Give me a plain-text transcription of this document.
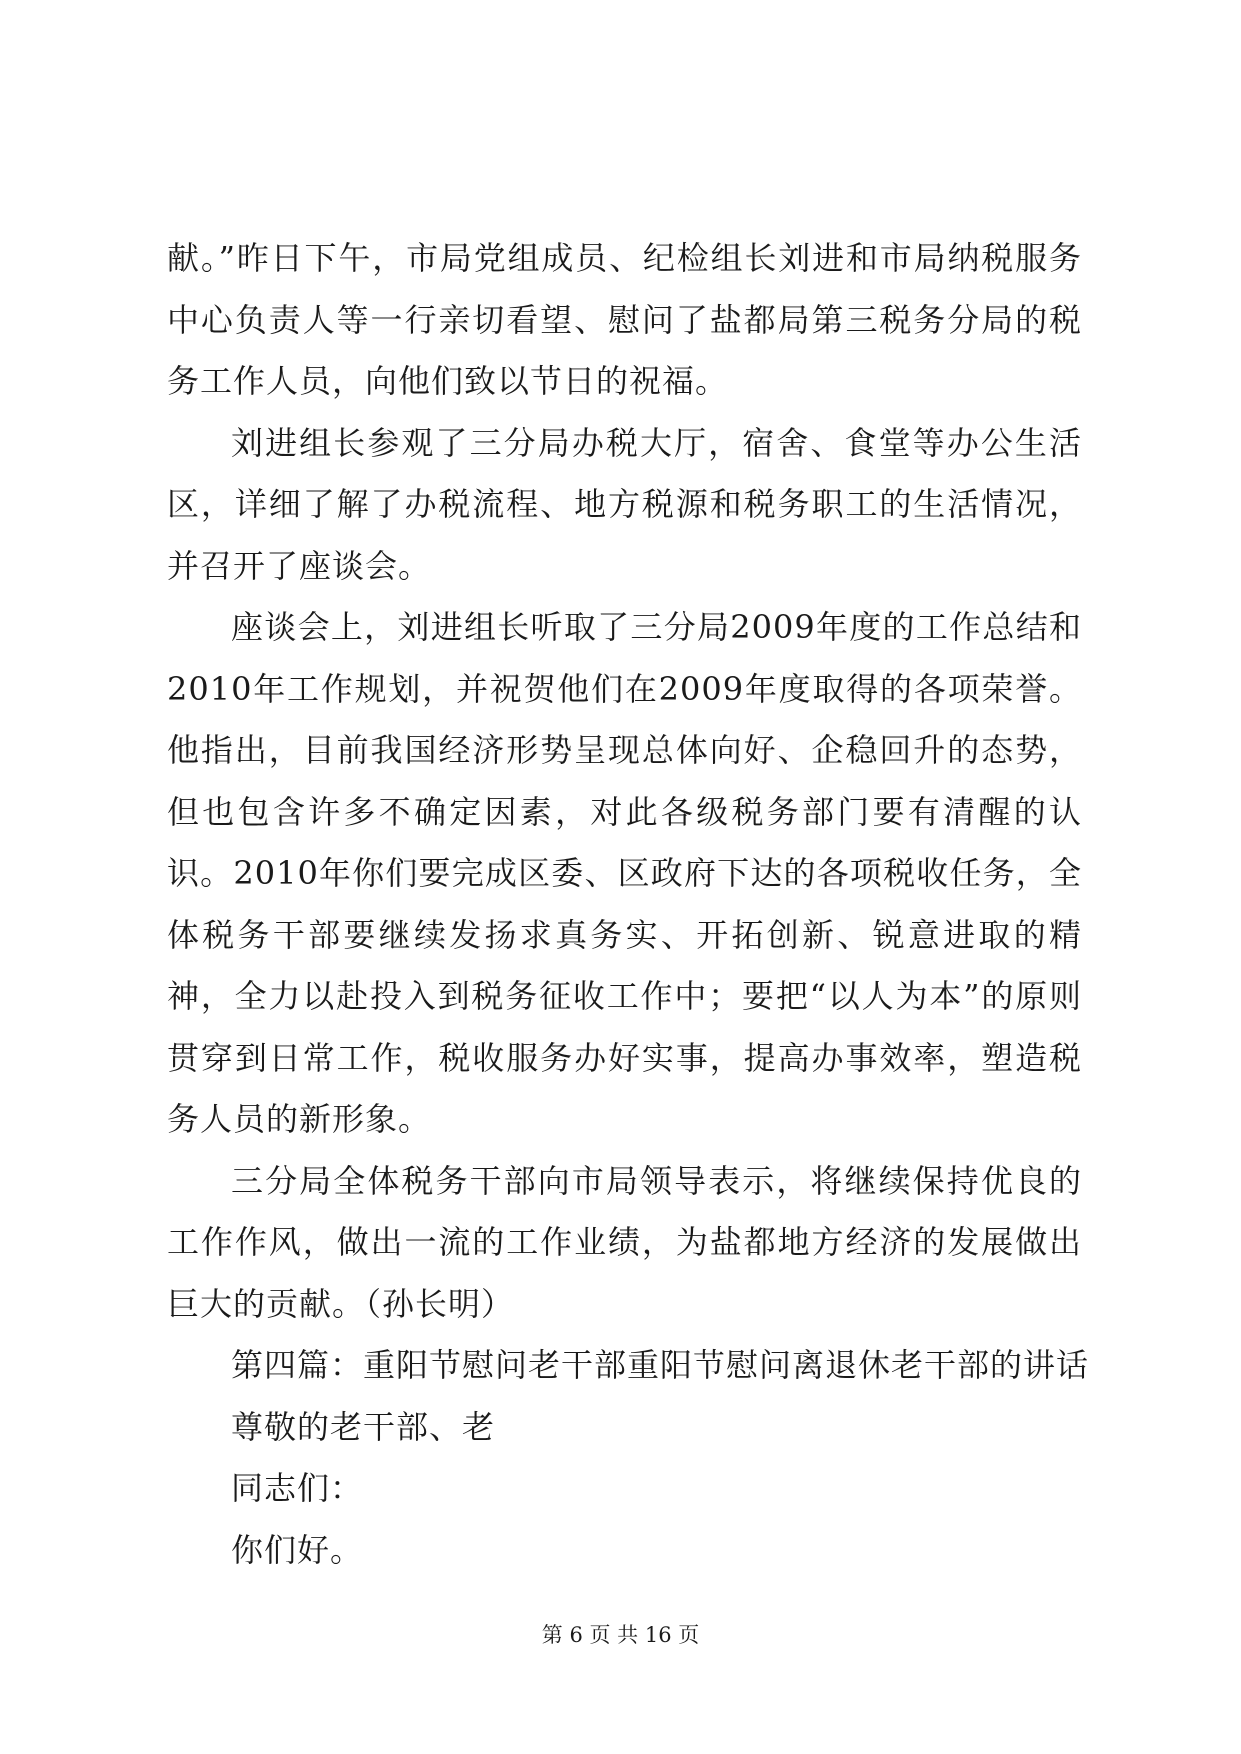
献。”昨日下午，市局党组成员、纪检组长刘进和市局纳税服务中心负责人等一行亲切看望、慰问了盐都局第三税务分局的税务工作人员，向他们致以节日的祝福。

刘进组长参观了三分局办税大厅，宿舍、食堂等办公生活区，详细了解了办税流程、地方税源和税务职工的生活情况，并召开了座谈会。

座谈会上，刘进组长听取了三分局2009年度的工作总结和2010年工作规划，并祝贺他们在2009年度取得的各项荣誉。他指出，目前我国经济形势呈现总体向好、企稳回升的态势，但也包含许多不确定因素，对此各级税务部门要有清醒的认识。2010年你们要完成区委、区政府下达的各项税收任务，全体税务干部要继续发扬求真务实、开拓创新、锐意进取的精神，全力以赴投入到税务征收工作中；要把“以人为本”的原则贯穿到日常工作，税收服务办好实事，提高办事效率，塑造税务人员的新形象。

三分局全体税务干部向市局领导表示，将继续保持优良的工作作风，做出一流的工作业绩，为盐都地方经济的发展做出巨大的贡献。（孙长明）

第四篇：重阳节慰问老干部重阳节慰问离退休老干部的讲话

尊敬的老干部、老

同志们：

你们好。

第 6 页 共 16 页
